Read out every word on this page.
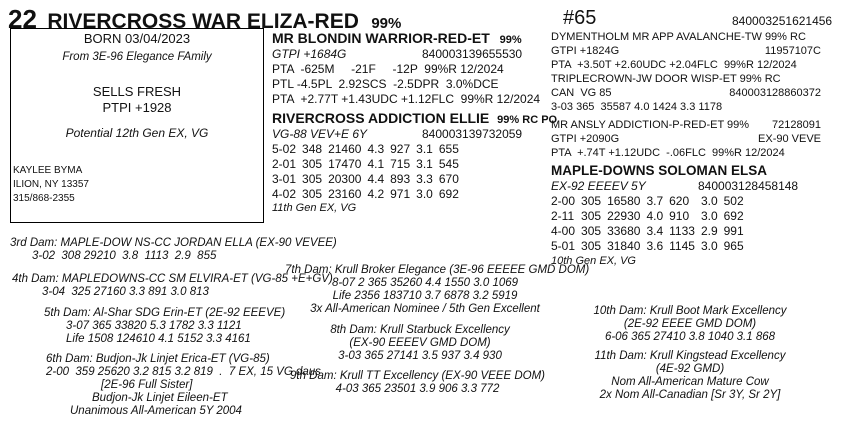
22 RIVERCROSS WAR ELIZA-RED 99%	#65	840003251621456
BORN 03/04/2023
From 3E-96 Elegance FAmily
SELLS FRESH
PTPI +1928
Potential 12th Gen EX, VG
KAYLEE BYMA
ILION, NY 13357
315/868-2355
MR BLONDIN WARRIOR-RED-ET 99%
GTPI +1684G	840003139655530
PTA  -625M     -21F     -12P  99%R 12/2024
PTL -4.5PL  2.92SCS  -2.5DPR  3.0%DCE
PTA  +2.77T +1.43UDC +1.12FLC  99%R 12/2024
RIVERCROSS ADDICTION ELLIE 99% RC PO
VG-88 VEV+E 6Y	840003139732059
5-02	348	21460	4.3	927	3.1	655
2-01	305	17470	4.1	715	3.1	545
3-01	305	20300	4.4	893	3.3	670
4-02	305	23160	4.2	971	3.0	692
11th Gen EX, VG
DYMENTHOLM MR APP AVALANCHE-TW 99% RC
GTPI +1824G	11957107C
PTA  +3.50T +2.60UDC +2.04FLC  99%R 12/2024
TRIPLECROWN-JW DOOR WISP-ET 99% RC
CAN  VG 85	840003128860372
3-03 365  35587 4.0 1424 3.3 1178
MR ANSLY ADDICTION-P-RED-ET 99% 72128091
GTPI +2090G	EX-90 VEVE
PTA  +.74T +1.12UDC  -.06FLC  99%R 12/2024
MAPLE-DOWNS SOLOMAN ELSA
EX-92 EEEEV 5Y	840003128458148
2-00	305	16580	3.7	620	3.0	502
2-11	305	22930	4.0	910	3.0	692
4-00	305	33680	3.4	1133	2.9	991
5-01	305	31840	3.6	1145	3.0	965
10th Gen EX, VG
3rd Dam: MAPLE-DOW NS-CC JORDAN ELLA (EX-90 VEVEE)
3-02  308 29210  3.8  1113  2.9  855
4th Dam: MAPLEDOWNS-CC SM ELVIRA-ET (VG-85 +E+GV)
3-04  325 27160 3.3 891 3.0 813
5th Dam: Al-Shar SDG Erin-ET (2E-92 EEEVE)
3-07 365 33820 5.3 1782 3.3 1121
Life 1508 124610 4.1 5152 3.3 4161
6th Dam: Budjon-Jk Linjet Erica-ET (VG-85)
2-00  359 25620 3.2 815 3.2 819  .  7 EX, 15 VG daus
[2E-96 Full Sister]
Budjon-Jk Linjet Eileen-ET
Unanimous All-American 5Y 2004
7th Dam: Krull Broker Elegance (3E-96 EEEEE GMD DOM)
8-07 2 365 35260 4.4 1550 3.0 1069
Life 2356 183710 3.7 6878 3.2 5919
3x All-American Nominee / 5th Gen Excellent
8th Dam: Krull Starbuck Excellency
(EX-90 EEEEV GMD DOM)
3-03 365 27141 3.5 937 3.4 930
9th Dam: Krull TT Excellency (EX-90 VEEE DOM)
4-03 365 23501 3.9 906 3.3 772
10th Dam: Krull Boot Mark Excellency
(2E-92 EEEE GMD DOM)
6-06 365 27410 3.8 1040 3.1 868
11th Dam: Krull Kingstead Excellency
(4E-92 GMD)
Nom All-American Mature Cow
2x Nom All-Canadian [Sr 3Y, Sr 2Y]
